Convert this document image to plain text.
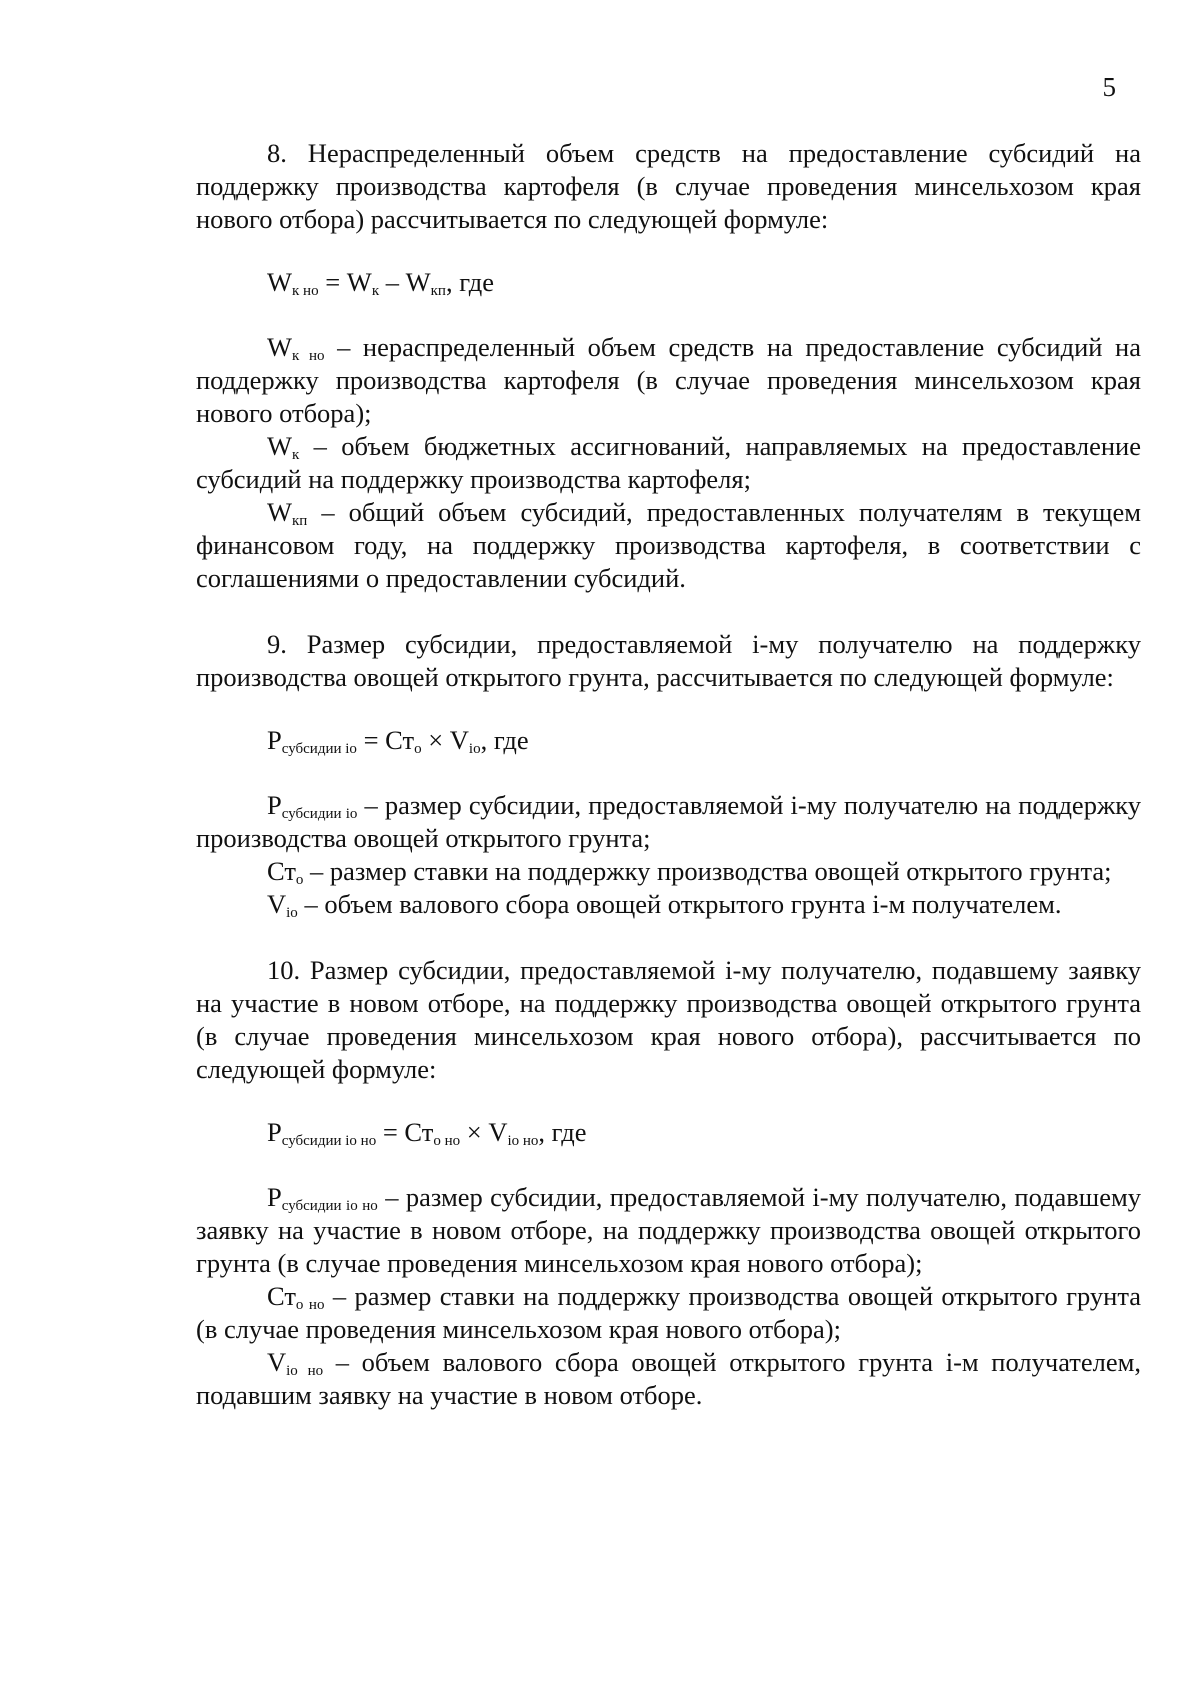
5

8. Нераспределенный объем средств на предоставление субсидий на поддержку производства картофеля (в случае проведения минсельхозом края нового отбора) рассчитывается по следующей формуле:

$W_{к но} = W_к - W_{кп}$, где

$W_{к но}$ – нераспределенный объем средств на предоставление субсидий на поддержку производства картофеля (в случае проведения минсельхозом края нового отбора);

$W_к$ – объем бюджетных ассигнований, направляемых на предоставление субсидий на поддержку производства картофеля;

$W_{кп}$ – общий объем субсидий, предоставленных получателям в текущем финансовом году, на поддержку производства картофеля, в соответствии с соглашениями о предоставлении субсидий.

9. Размер субсидии, предоставляемой i-му получателю на поддержку производства овощей открытого грунта, рассчитывается по следующей формуле:

$P_{субсидии io} = Ст_о \times V_{io}$, где

$P_{субсидии io}$ – размер субсидии, предоставляемой i-му получателю на поддержку производства овощей открытого грунта;

$Ст_о$ – размер ставки на поддержку производства овощей открытого грунта;

$V_{io}$ – объем валового сбора овощей открытого грунта i-м получателем.

10. Размер субсидии, предоставляемой i-му получателю, подавшему заявку на участие в новом отборе, на поддержку производства овощей открытого грунта (в случае проведения минсельхозом края нового отбора), рассчитывается по следующей формуле:

$P_{субсидии io но} = Ст_{о но} \times V_{io но}$, где

$P_{субсидии io но}$ – размер субсидии, предоставляемой i-му получателю, подавшему заявку на участие в новом отборе, на поддержку производства овощей открытого грунта (в случае проведения минсельхозом края нового отбора);

$Ст_{о но}$ – размер ставки на поддержку производства овощей открытого грунта (в случае проведения минсельхозом края нового отбора);

$V_{io но}$ – объем валового сбора овощей открытого грунта i-м получателем, подавшим заявку на участие в новом отборе.
